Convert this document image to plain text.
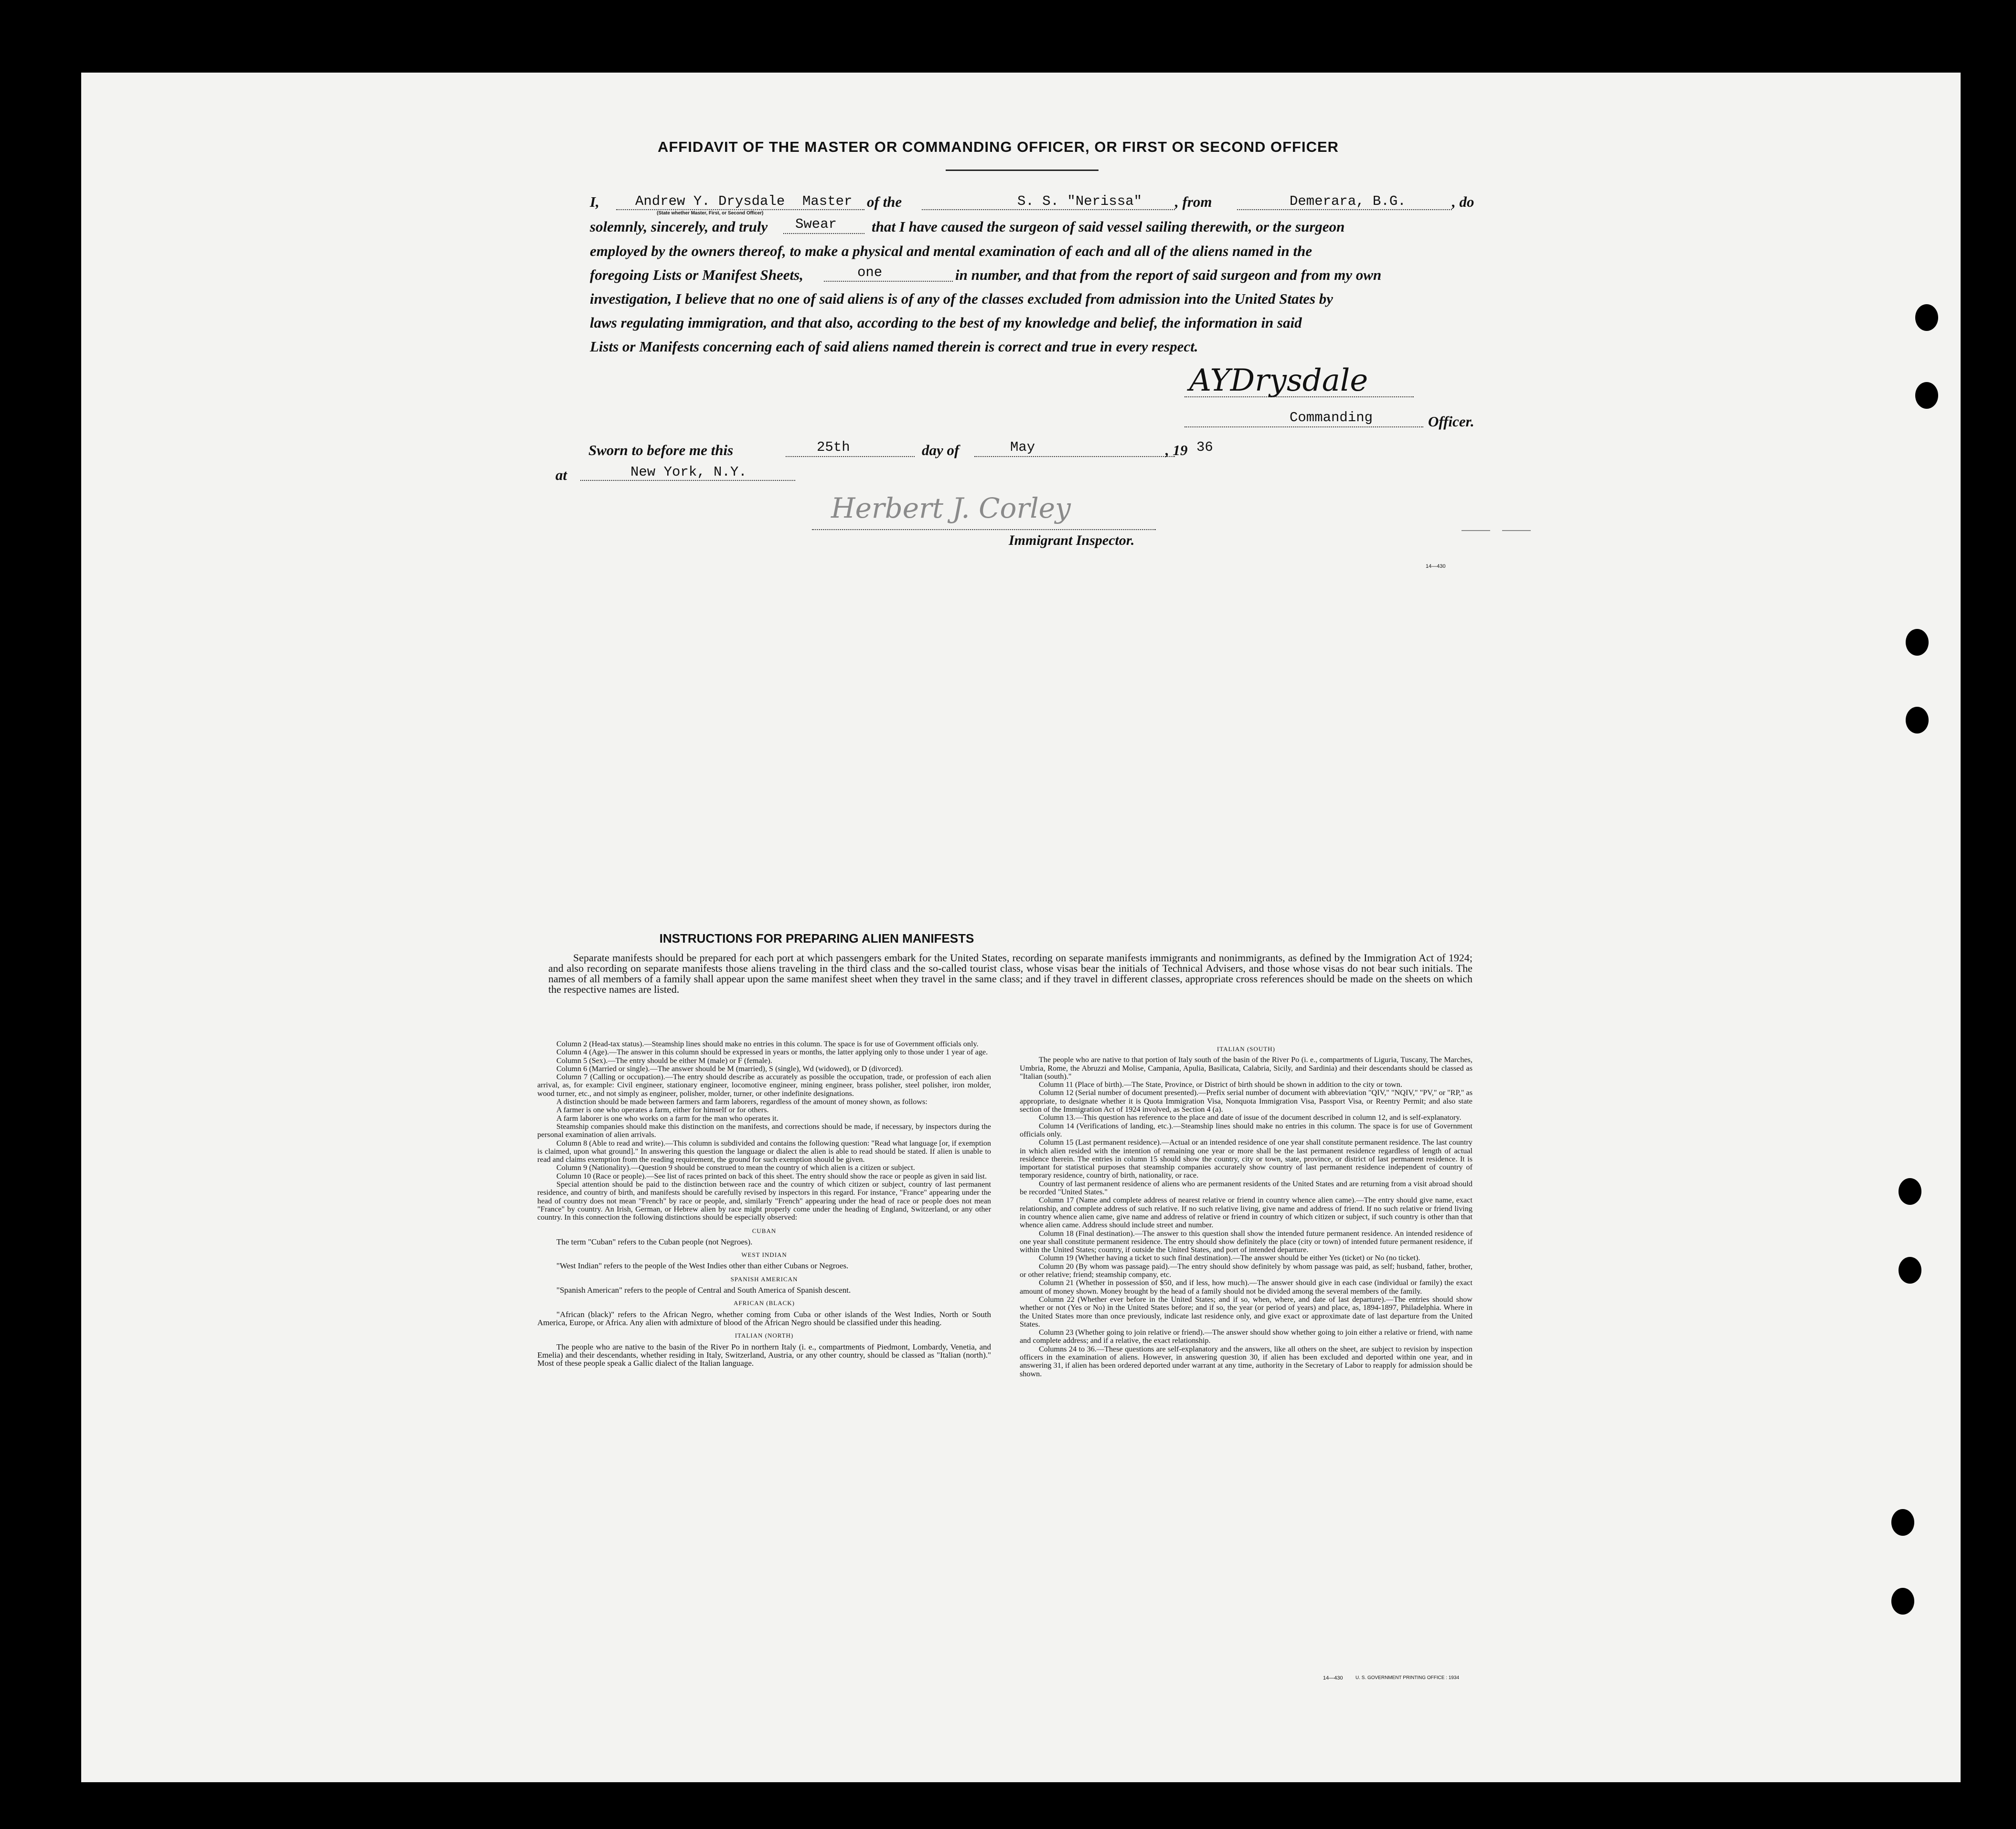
AFFIDAVIT OF THE MASTER OR COMMANDING OFFICER, OR FIRST OR SECOND OFFICER
I,	Andrew Y. Drysdale Master of the	S. S. "Nerissa" , from	Demerara, B.G.	, do
(State whether Master, First, or Second Officer)
solemnly, sincerely, and truly	Swear that I have caused the surgeon of said vessel sailing therewith, or the surgeon
employed by the owners thereof, to make a physical and mental examination of each and all of the aliens named in the
foregoing Lists or Manifest Sheets,	one	in number, and that from the report of said surgeon and from my own
investigation, I believe that no one of said aliens is of any of the classes excluded from admission into the United States by
laws regulating immigration, and that also, according to the best of my knowledge and belief, the information in said
Lists or Manifests concerning each of said aliens named therein is correct and true in every respect.
AYDrysdale
Commanding	Officer.
Sworn to before me this	25th	day of	May	, 19 36
at	New York, N.Y.
Herbert J. Corley
Immigrant Inspector.
14—430
INSTRUCTIONS FOR PREPARING ALIEN MANIFESTS
Separate manifests should be prepared for each port at which passengers embark for the United States, recording on separate manifests immigrants and nonimmigrants, as defined by the Immigration Act of 1924; and also recording on separate manifests those aliens traveling in the third class and the so-called tourist class, whose visas bear the initials of Technical Advisers, and those whose visas do not bear such initials. The names of all members of a family shall appear upon the same manifest sheet when they travel in the same class; and if they travel in different classes, appropriate cross references should be made on the sheets on which the respective names are listed.

Column 2 (Head-tax status).—Steamship lines should make no entries in this column. The space is for use of Government officials only.

Column 4 (Age).—The answer in this column should be expressed in years or months, the latter applying only to those under 1 year of age.

Column 5 (Sex).—The entry should be either M (male) or F (female).

Column 6 (Married or single).—The answer should be M (married), S (single), Wd (widowed), or D (divorced).

Column 7 (Calling or occupation).—The entry should describe as accurately as possible the occupation, trade, or profession of each alien arrival, as, for example: Civil engineer, stationary engineer, locomotive engineer, mining engineer, brass polisher, steel polisher, iron molder, wood turner, etc., and not simply as engineer, polisher, molder, turner, or other indefinite designations.

A distinction should be made between farmers and farm laborers, regardless of the amount of money shown, as follows:

A farmer is one who operates a farm, either for himself or for others.

A farm laborer is one who works on a farm for the man who operates it.

Steamship companies should make this distinction on the manifests, and corrections should be made, if necessary, by inspectors during the personal examination of alien arrivals.

Column 8 (Able to read and write).—This column is subdivided and contains the following question: "Read what language [or, if exemption is claimed, upon what ground]." In answering this question the language or dialect the alien is able to read should be stated. If alien is unable to read and claims exemption from the reading requirement, the ground for such exemption should be given.

Column 9 (Nationality).—Question 9 should be construed to mean the country of which alien is a citizen or subject.

Column 10 (Race or people).—See list of races printed on back of this sheet. The entry should show the race or people as given in said list.

Special attention should be paid to the distinction between race and the country of which citizen or subject, country of last permanent residence, and country of birth, and manifests should be carefully revised by inspectors in this regard. For instance, "France" appearing under the head of country does not mean "French" by race or people, and, similarly "French" appearing under the head of race or people does not mean "France" by country. An Irish, German, or Hebrew alien by race might properly come under the heading of England, Switzerland, or any other country. In this connection the following distinctions should be especially observed:

CUBAN

The term "Cuban" refers to the Cuban people (not Negroes).

WEST INDIAN

"West Indian" refers to the people of the West Indies other than either Cubans or Negroes.

SPANISH AMERICAN

"Spanish American" refers to the people of Central and South America of Spanish descent.

AFRICAN (BLACK)

"African (black)" refers to the African Negro, whether coming from Cuba or other islands of the West Indies, North or South America, Europe, or Africa. Any alien with admixture of blood of the African Negro should be classified under this heading.

ITALIAN (NORTH)

The people who are native to the basin of the River Po in northern Italy (i. e., compartments of Piedmont, Lombardy, Venetia, and Emelia) and their descendants, whether residing in Italy, Switzerland, Austria, or any other country, should be classed as "Italian (north)." Most of these people speak a Gallic dialect of the Italian language.

ITALIAN (SOUTH)

The people who are native to that portion of Italy south of the basin of the River Po (i. e., compartments of Liguria, Tuscany, The Marches, Umbria, Rome, the Abruzzi and Molise, Campania, Apulia, Basilicata, Calabria, Sicily, and Sardinia) and their descendants should be classed as "Italian (south)."

Column 11 (Place of birth).—The State, Province, or District of birth should be shown in addition to the city or town.

Column 12 (Serial number of document presented).—Prefix serial number of document with abbreviation "QIV," "NQIV," "PV," or "RP," as appropriate, to designate whether it is Quota Immigration Visa, Nonquota Immigration Visa, Passport Visa, or Reentry Permit; and also state section of the Immigration Act of 1924 involved, as Section 4 (a).

Column 13.—This question has reference to the place and date of issue of the document described in column 12, and is self-explanatory.

Column 14 (Verifications of landing, etc.).—Steamship lines should make no entries in this column. The space is for use of Government officials only.

Column 15 (Last permanent residence).—Actual or an intended residence of one year shall constitute permanent residence. The last country in which alien resided with the intention of remaining one year or more shall be the last permanent residence regardless of length of actual residence therein. The entries in column 15 should show the country, city or town, state, province, or district of last permanent residence. It is important for statistical purposes that steamship companies accurately show country of last permanent residence independent of country of temporary residence, country of birth, nationality, or race.

Country of last permanent residence of aliens who are permanent residents of the United States and are returning from a visit abroad should be recorded "United States."

Column 17 (Name and complete address of nearest relative or friend in country whence alien came).—The entry should give name, exact relationship, and complete address of such relative. If no such relative living, give name and address of friend. If no such relative or friend living in country whence alien came, give name and address of relative or friend in country of which citizen or subject, if such country is other than that whence alien came. Address should include street and number.

Column 18 (Final destination).—The answer to this question shall show the intended future permanent residence. An intended residence of one year shall constitute permanent residence. The entry should show definitely the place (city or town) of intended future permanent residence, if within the United States; country, if outside the United States, and port of intended departure.

Column 19 (Whether having a ticket to such final destination).—The answer should be either Yes (ticket) or No (no ticket).

Column 20 (By whom was passage paid).—The entry should show definitely by whom passage was paid, as self; husband, father, brother, or other relative; friend; steamship company, etc.

Column 21 (Whether in possession of $50, and if less, how much).—The answer should give in each case (individual or family) the exact amount of money shown. Money brought by the head of a family should not be divided among the several members of the family.

Column 22 (Whether ever before in the United States; and if so, when, where, and date of last departure).—The entries should show whether or not (Yes or No) in the United States before; and if so, the year (or period of years) and place, as, 1894-1897, Philadelphia. Where in the United States more than once previously, indicate last residence only, and give exact or approximate date of last departure from the United States.

Column 23 (Whether going to join relative or friend).—The answer should show whether going to join either a relative or friend, with name and complete address; and if a relative, the exact relationship.

Columns 24 to 36.—These questions are self-explanatory and the answers, like all others on the sheet, are subject to revision by inspection officers in the examination of aliens. However, in answering question 30, if alien has been excluded and deported within one year, and in answering 31, if alien has been ordered deported under warrant at any time, authority in the Secretary of Labor to reapply for admission should be shown.

14—430	U. S. GOVERNMENT PRINTING OFFICE : 1934
